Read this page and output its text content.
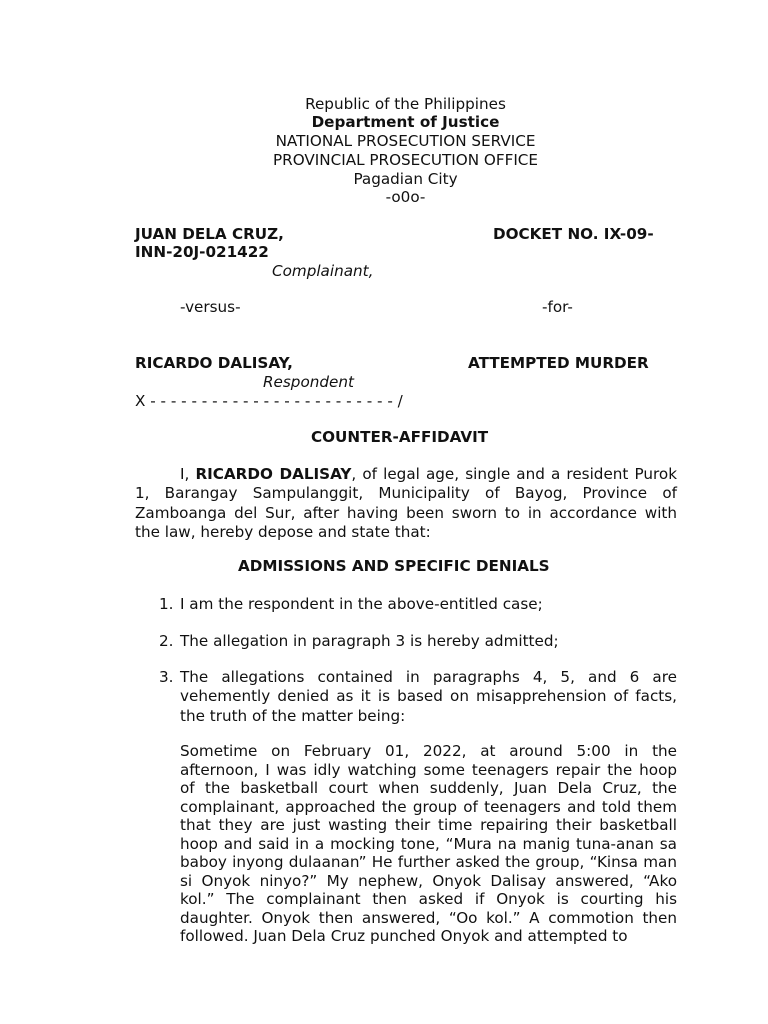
Republic of the Philippines
Department of Justice
NATIONAL PROSECUTION SERVICE
PROVINCIAL PROSECUTION OFFICE
Pagadian City
-o0o-
JUAN DELA CRUZ,	DOCKET NO. IX-09-
INN-20J-021422
Complainant,
-versus-	-for-
RICARDO DALISAY,	ATTEMPTED MURDER
Respondent
X - - - - - - - - - - - - - - - - - - - - - - - - /
COUNTER-AFFIDAVIT
I, RICARDO DALISAY, of legal age, single and a resident Purok 1, Barangay Sampulanggit, Municipality of Bayog, Province of Zamboanga del Sur, after having been sworn to in accordance with the law, hereby depose and state that:
ADMISSIONS AND SPECIFIC DENIALS
1. I am the respondent in the above-entitled case;
2. The allegation in paragraph 3 is hereby admitted;
3. The allegations contained in paragraphs 4, 5, and 6 are vehemently denied as it is based on misapprehension of facts, the truth of the matter being:
Sometime on February 01, 2022, at around 5:00 in the afternoon, I was idly watching some teenagers repair the hoop of the basketball court when suddenly, Juan Dela Cruz, the complainant, approached the group of teenagers and told them that they are just wasting their time repairing their basketball hoop and said in a mocking tone, “Mura na manig tuna-anan sa baboy inyong dulaanan” He further asked the group, “Kinsa man si Onyok ninyo?” My nephew, Onyok Dalisay answered, “Ako kol.” The complainant then asked if Onyok is courting his daughter. Onyok then answered, “Oo kol.” A commotion then followed. Juan Dela Cruz punched Onyok and attempted to
